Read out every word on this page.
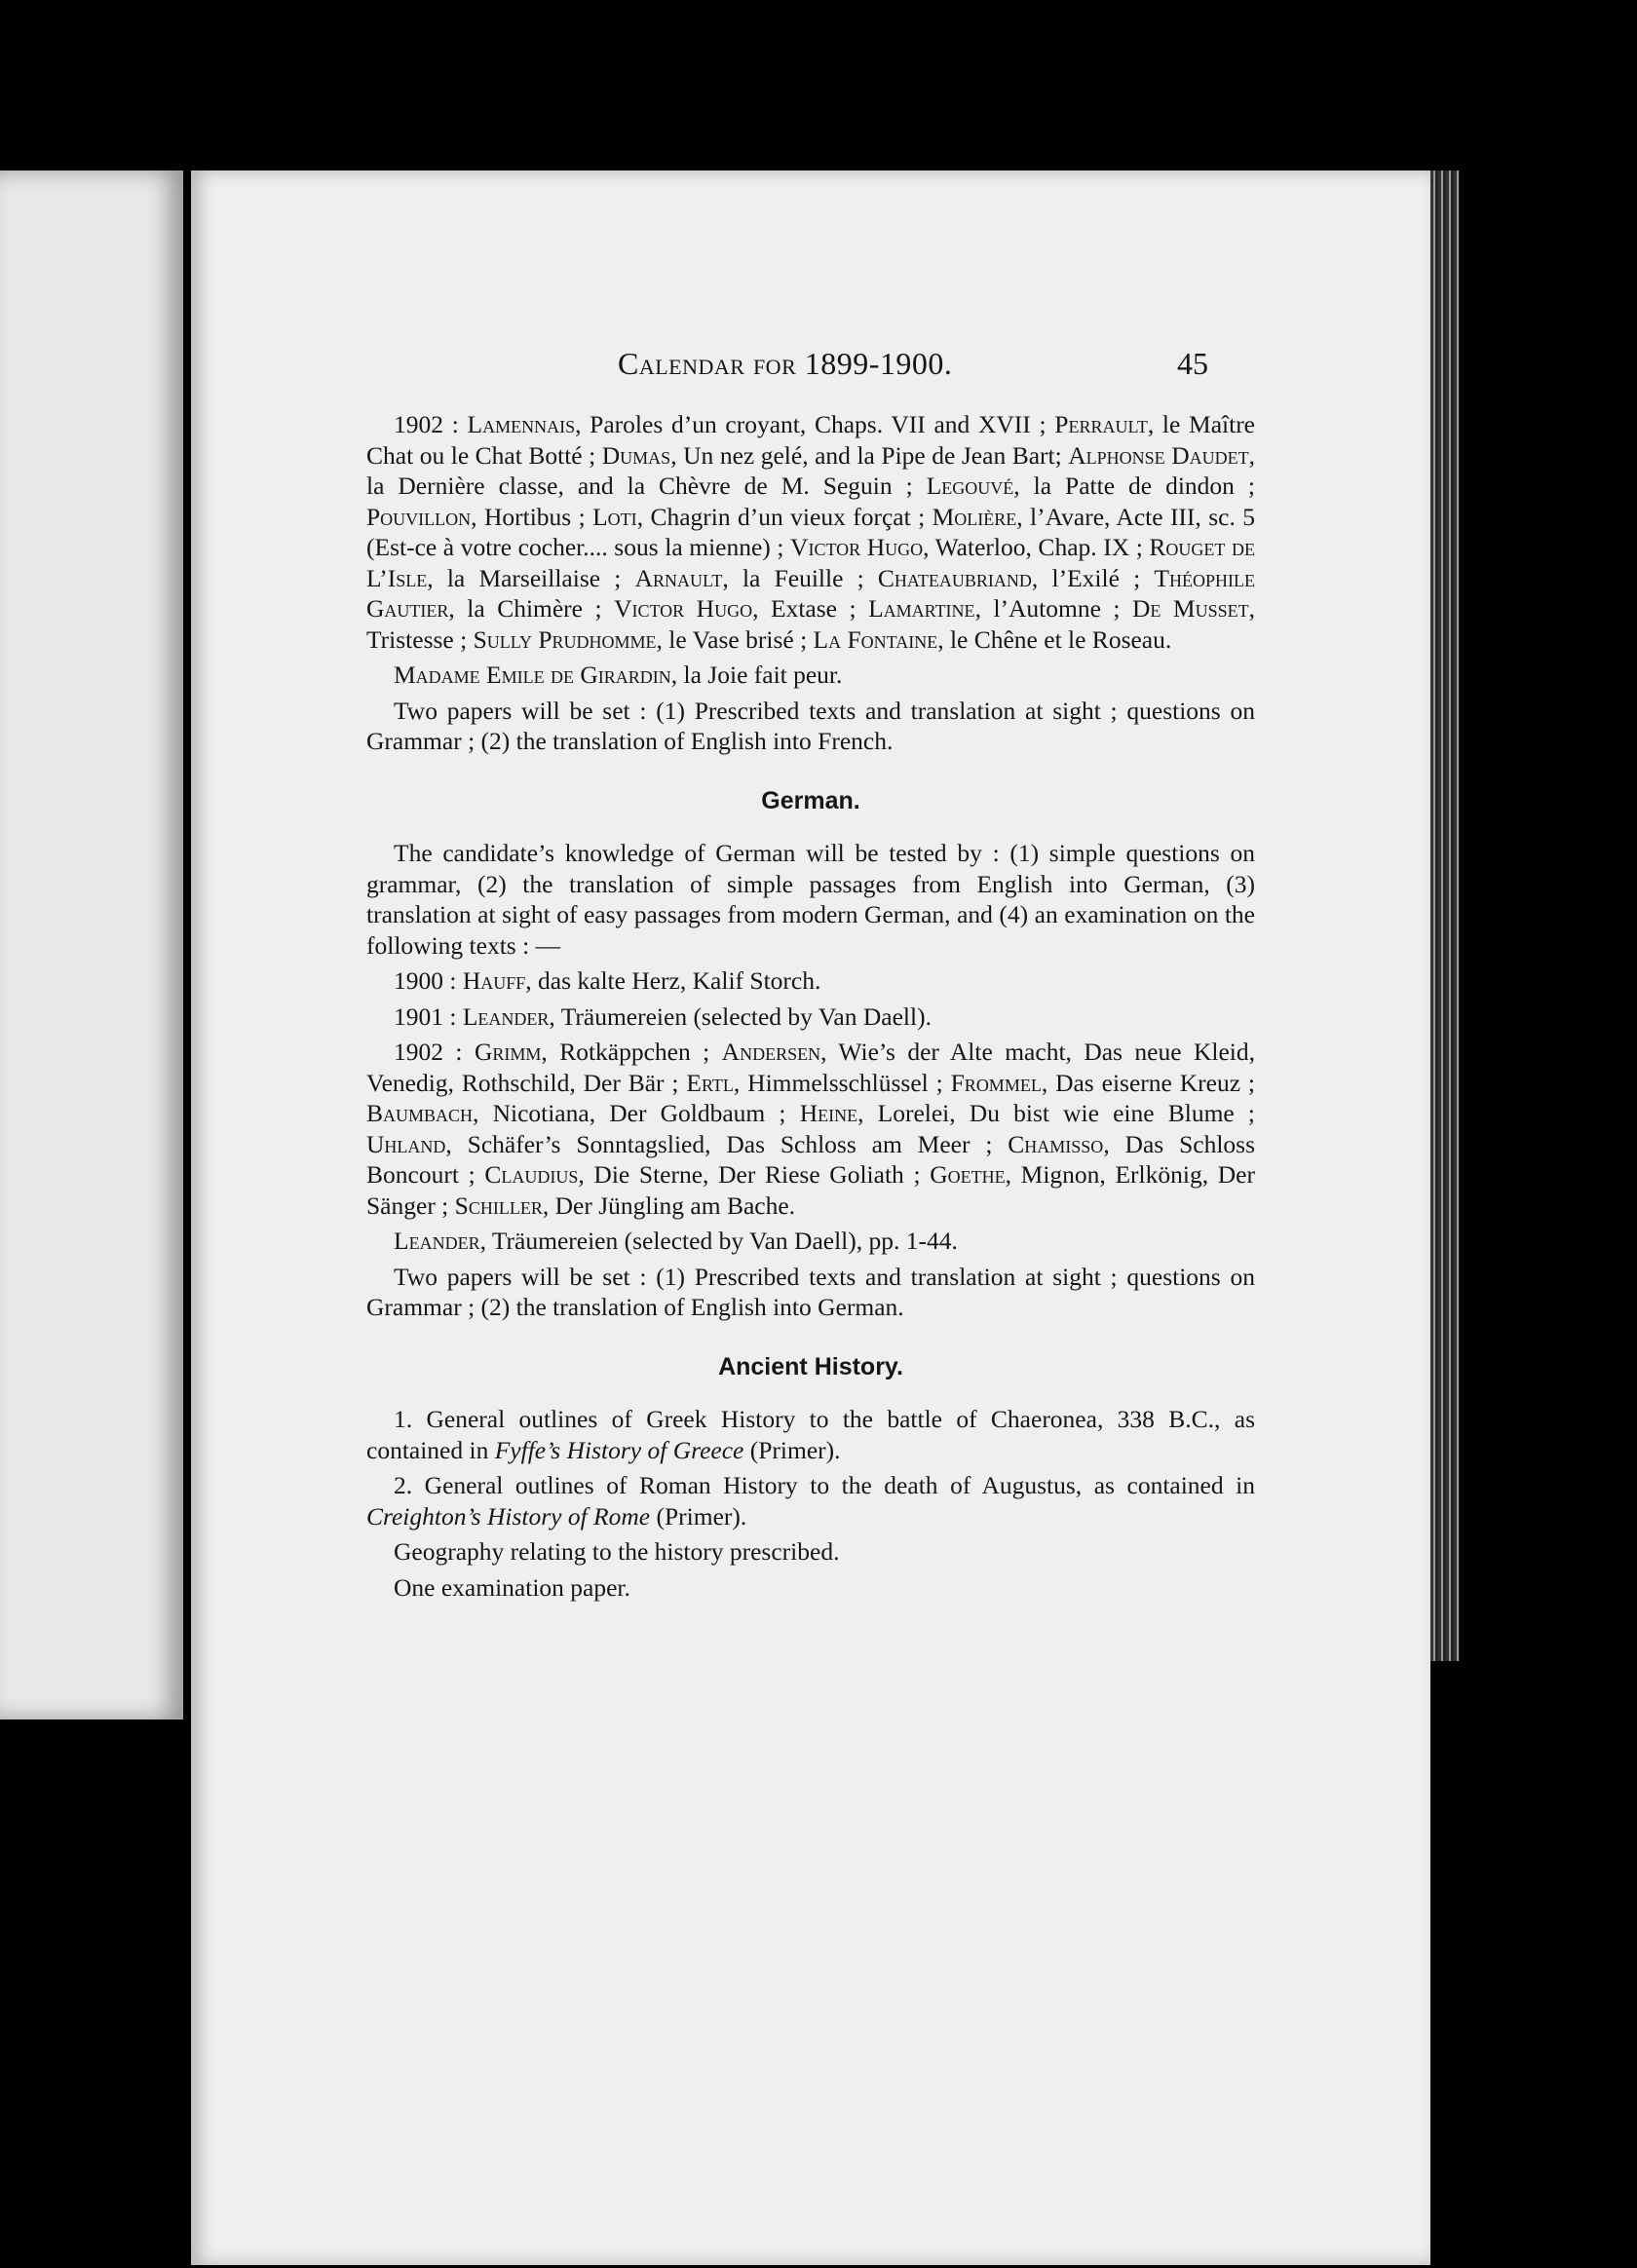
Calendar for 1899-1900.	45

1902 : Lamennais, Paroles d’un croyant, Chaps. VII and XVII ; Perrault, le Maître Chat ou le Chat Botté ; Dumas, Un nez gelé, and la Pipe de Jean Bart; Alphonse Daudet, la Dernière classe, and la Chèvre de M. Seguin ; Legouvé, la Patte de dindon ; Pouvillon, Hortibus ; Loti, Chagrin d’un vieux forçat ; Molière, l’Avare, Acte III, sc. 5 (Est-ce à votre cocher.... sous la mienne) ; Victor Hugo, Waterloo, Chap. IX ; Rouget de L’Isle, la Marseillaise ; Arnault, la Feuille ; Chateaubriand, l’Exilé ; Théophile Gautier, la Chimère ; Victor Hugo, Extase ; Lamartine, l’Automne ; De Musset, Tristesse ; Sully Prudhomme, le Vase brisé ; La Fontaine, le Chêne et le Roseau.

Madame Emile de Girardin, la Joie fait peur.

Two papers will be set : (1) Prescribed texts and translation at sight ; questions on Grammar ; (2) the translation of English into French.

German.

The candidate’s knowledge of German will be tested by : (1) simple questions on grammar, (2) the translation of simple passages from English into German, (3) translation at sight of easy passages from modern German, and (4) an examination on the following texts : —

1900 : Hauff, das kalte Herz, Kalif Storch.

1901 : Leander, Träumereien (selected by Van Daell).

1902 : Grimm, Rotkäppchen ; Andersen, Wie’s der Alte macht, Das neue Kleid, Venedig, Rothschild, Der Bär ; Ertl, Himmelsschlüssel ; Frommel, Das eiserne Kreuz ; Baumbach, Nicotiana, Der Goldbaum ; Heine, Lorelei, Du bist wie eine Blume ; Uhland, Schäfer’s Sonntagslied, Das Schloss am Meer ; Chamisso, Das Schloss Boncourt ; Claudius, Die Sterne, Der Riese Goliath ; Goethe, Mignon, Erlkönig, Der Sänger ; Schiller, Der Jüngling am Bache.

Leander, Träumereien (selected by Van Daell), pp. 1-44.

Two papers will be set : (1) Prescribed texts and translation at sight ; questions on Grammar ; (2) the translation of English into German.

Ancient History.

1. General outlines of Greek History to the battle of Chaeronea, 338 B.C., as contained in Fyffe’s History of Greece (Primer).

2. General outlines of Roman History to the death of Augustus, as contained in Creighton’s History of Rome (Primer).

Geography relating to the history prescribed.

One examination paper.
